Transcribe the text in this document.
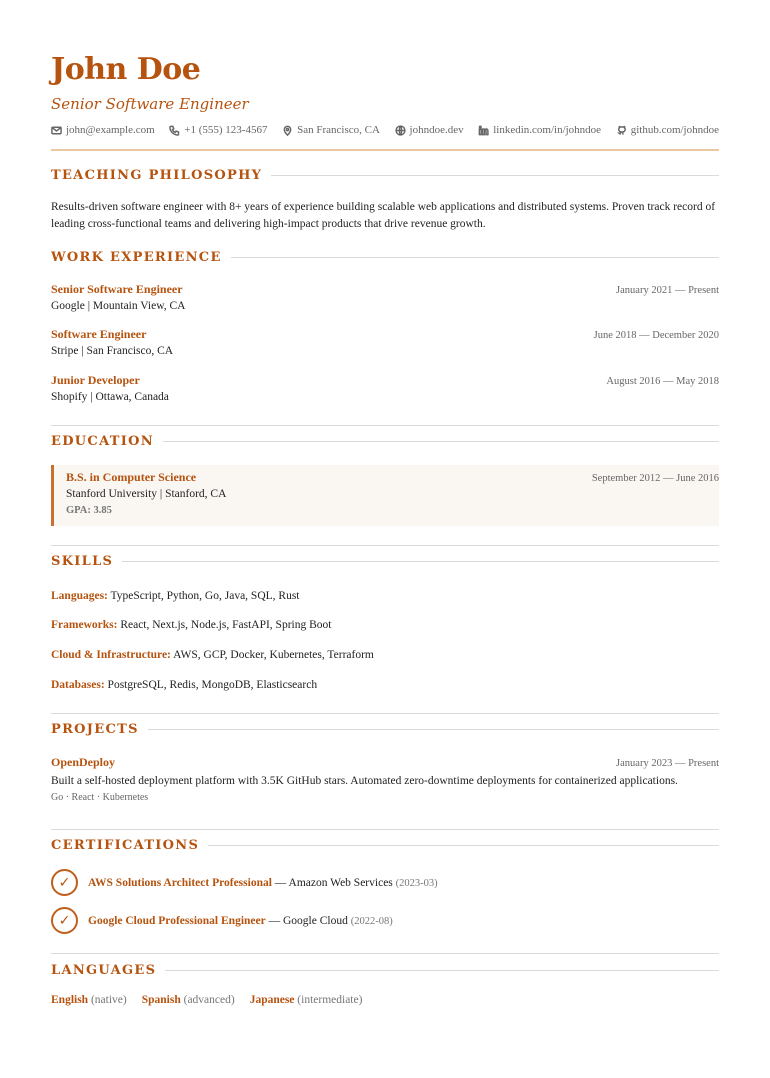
John Doe
Senior Software Engineer
john@example.com	+1 (555) 123-4567	San Francisco, CA	johndoe.dev	linkedin.com/in/johndoe	github.com/johndoe
TEACHING PHILOSOPHY
Results-driven software engineer with 8+ years of experience building scalable web applications and distributed systems. Proven track record of leading cross-functional teams and delivering high-impact products that drive revenue growth.
WORK EXPERIENCE
Senior Software Engineer	January 2021 — Present
Google | Mountain View, CA
Software Engineer	June 2018 — December 2020
Stripe | San Francisco, CA
Junior Developer	August 2016 — May 2018
Shopify | Ottawa, Canada
EDUCATION
B.S. in Computer Science	September 2012 — June 2016
Stanford University | Stanford, CA
GPA: 3.85
SKILLS
Languages: TypeScript, Python, Go, Java, SQL, Rust
Frameworks: React, Next.js, Node.js, FastAPI, Spring Boot
Cloud & Infrastructure: AWS, GCP, Docker, Kubernetes, Terraform
Databases: PostgreSQL, Redis, MongoDB, Elasticsearch
PROJECTS
OpenDeploy	January 2023 — Present
Built a self-hosted deployment platform with 3.5K GitHub stars. Automated zero-downtime deployments for containerized applications.
Go · React · Kubernetes
CERTIFICATIONS
✓	AWS Solutions Architect Professional — Amazon Web Services (2023-03)
✓	Google Cloud Professional Engineer — Google Cloud (2022-08)
LANGUAGES
English (native) Spanish (advanced) Japanese (intermediate)
